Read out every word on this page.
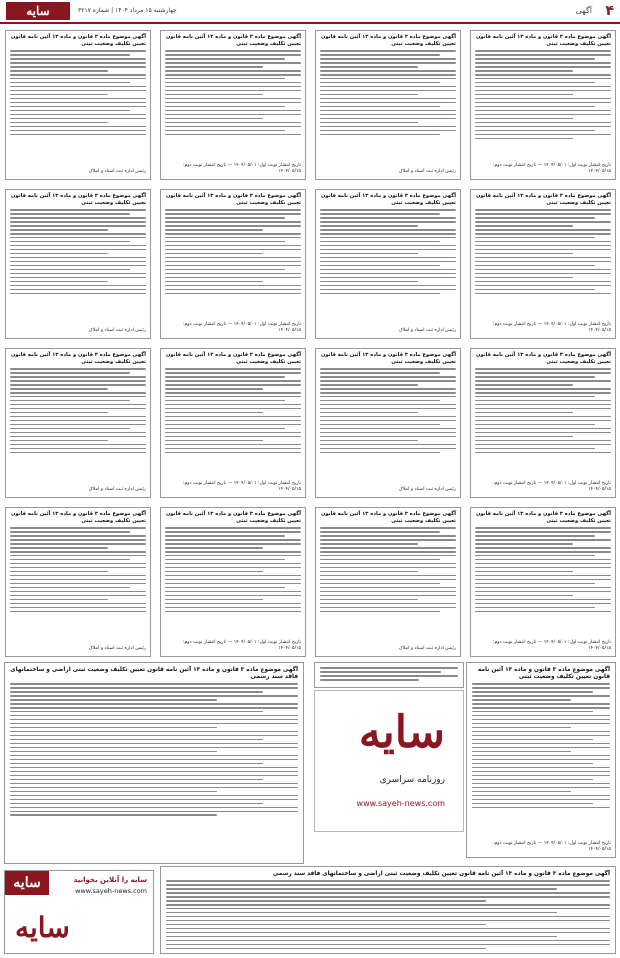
۴
آگهی
چهارشنبه ۱۵ مرداد ۱۴۰۴ | شماره ۳۲۱۷
سایه
آگهی موضوع ماده ۳ قانون و ماده ۱۳ آئین نامه قانون تعیین تکلیف وضعیت ثبتی
تاریخ انتشار نوبت اول: ۱۴۰۴/۰۵/۰۱ — تاریخ انتشار نوبت دوم: ۱۴۰۴/۰۵/۱۵
آگهی موضوع ماده ۳ قانون و ماده ۱۳ آئین نامه قانون تعیین تکلیف وضعیت ثبتی
رئیس اداره ثبت اسناد و املاک
آگهی موضوع ماده ۳ قانون و ماده ۱۳ آئین نامه قانون تعیین تکلیف وضعیت ثبتی
تاریخ انتشار نوبت اول: ۱۴۰۴/۰۵/۰۱ — تاریخ انتشار نوبت دوم: ۱۴۰۴/۰۵/۱۵
آگهی موضوع ماده ۳ قانون و ماده ۱۳ آئین نامه قانون تعیین تکلیف وضعیت ثبتی
رئیس اداره ثبت اسناد و املاک
آگهی موضوع ماده ۳ قانون و ماده ۱۳ آئین نامه قانون تعیین تکلیف وضعیت ثبتی
تاریخ انتشار نوبت اول: ۱۴۰۴/۰۵/۰۱ — تاریخ انتشار نوبت دوم: ۱۴۰۴/۰۵/۱۵
آگهی موضوع ماده ۳ قانون و ماده ۱۳ آئین نامه قانون تعیین تکلیف وضعیت ثبتی
رئیس اداره ثبت اسناد و املاک
آگهی موضوع ماده ۳ قانون و ماده ۱۳ آئین نامه قانون تعیین تکلیف وضعیت ثبتی
تاریخ انتشار نوبت اول: ۱۴۰۴/۰۵/۰۱ — تاریخ انتشار نوبت دوم: ۱۴۰۴/۰۵/۱۵
آگهی موضوع ماده ۳ قانون و ماده ۱۳ آئین نامه قانون تعیین تکلیف وضعیت ثبتی
رئیس اداره ثبت اسناد و املاک
آگهی موضوع ماده ۳ قانون و ماده ۱۳ آئین نامه قانون تعیین تکلیف وضعیت ثبتی
تاریخ انتشار نوبت اول: ۱۴۰۴/۰۵/۰۱ — تاریخ انتشار نوبت دوم: ۱۴۰۴/۰۵/۱۵
آگهی موضوع ماده ۳ قانون و ماده ۱۳ آئین نامه قانون تعیین تکلیف وضعیت ثبتی
رئیس اداره ثبت اسناد و املاک
آگهی موضوع ماده ۳ قانون و ماده ۱۳ آئین نامه قانون تعیین تکلیف وضعیت ثبتی
تاریخ انتشار نوبت اول: ۱۴۰۴/۰۵/۰۱ — تاریخ انتشار نوبت دوم: ۱۴۰۴/۰۵/۱۵
آگهی موضوع ماده ۳ قانون و ماده ۱۳ آئین نامه قانون تعیین تکلیف وضعیت ثبتی
رئیس اداره ثبت اسناد و املاک
آگهی موضوع ماده ۳ قانون و ماده ۱۳ آئین نامه قانون تعیین تکلیف وضعیت ثبتی
تاریخ انتشار نوبت اول: ۱۴۰۴/۰۵/۰۱ — تاریخ انتشار نوبت دوم: ۱۴۰۴/۰۵/۱۵
آگهی موضوع ماده ۳ قانون و ماده ۱۳ آئین نامه قانون تعیین تکلیف وضعیت ثبتی
رئیس اداره ثبت اسناد و املاک
آگهی موضوع ماده ۳ قانون و ماده ۱۳ آئین نامه قانون تعیین تکلیف وضعیت ثبتی
تاریخ انتشار نوبت اول: ۱۴۰۴/۰۵/۰۱ — تاریخ انتشار نوبت دوم: ۱۴۰۴/۰۵/۱۵
آگهی موضوع ماده ۳ قانون و ماده ۱۳ آئین نامه قانون تعیین تکلیف وضعیت ثبتی
رئیس اداره ثبت اسناد و املاک
آگهی موضوع ماده ۳ قانون و ماده ۱۳ آئین نامه قانون تعیین تکلیف وضعیت ثبتی
تاریخ انتشار نوبت اول: ۱۴۰۴/۰۵/۰۱ — تاریخ انتشار نوبت دوم: ۱۴۰۴/۰۵/۱۵
آگهی موضوع ماده ۳ قانون و ماده ۱۳ آئین نامه قانون تعیین تکلیف وضعیت ثبتی اراضی و ساختمانهای فاقد سند رسمی
سایه
روزنامه سراسری
www.sayeh-news.com
آگهی موضوع ماده ۳ قانون و ماده ۱۳ آئین نامه قانون تعیین تکلیف وضعیت ثبتی اراضی و ساختمانهای فاقد سند رسمی
سایه	سایه را آنلاین بخوانید
www.sayeh-news.com
سایه
